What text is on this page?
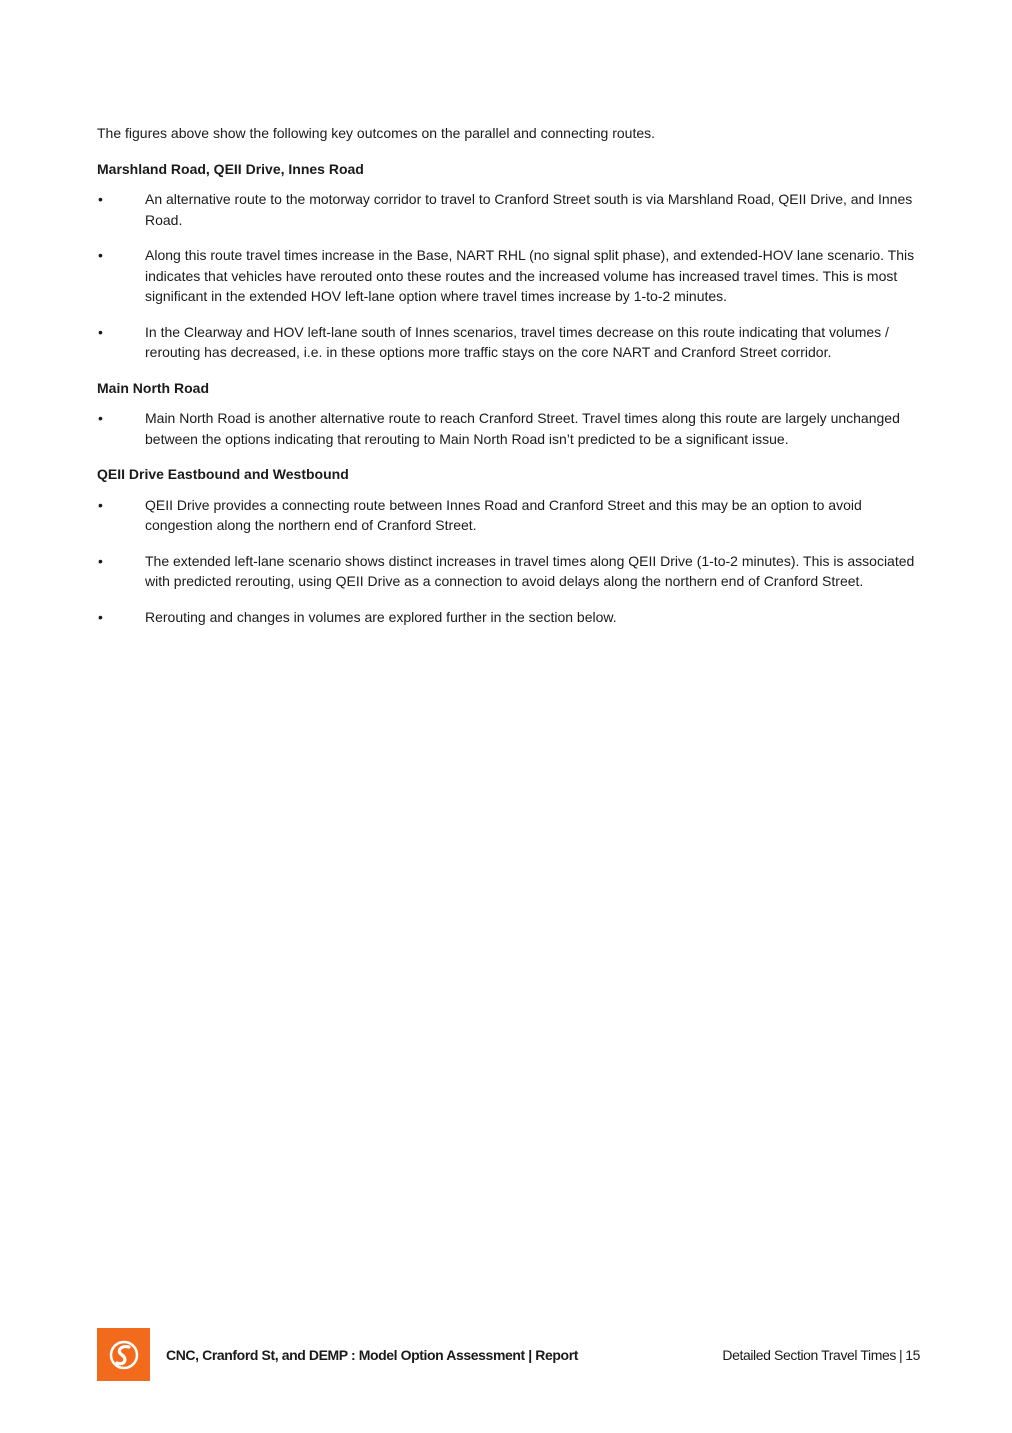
The figures above show the following key outcomes on the parallel and connecting routes.

Marshland Road, QEII Drive, Innes Road
•	An alternative route to the motorway corridor to travel to Cranford Street south is via Marshland Road, QEII Drive, and Innes Road.
•	Along this route travel times increase in the Base, NART RHL (no signal split phase), and extended-HOV lane scenario. This indicates that vehicles have rerouted onto these routes and the increased volume has increased travel times. This is most significant in the extended HOV left-lane option where travel times increase by 1-to-2 minutes.
•	In the Clearway and HOV left-lane south of Innes scenarios, travel times decrease on this route indicating that volumes / rerouting has decreased, i.e. in these options more traffic stays on the core NART and Cranford Street corridor.
Main North Road
•	Main North Road is another alternative route to reach Cranford Street. Travel times along this route are largely unchanged between the options indicating that rerouting to Main North Road isn’t predicted to be a significant issue.
QEII Drive Eastbound and Westbound
•	QEII Drive provides a connecting route between Innes Road and Cranford Street and this may be an option to avoid congestion along the northern end of Cranford Street.
•	The extended left-lane scenario shows distinct increases in travel times along QEII Drive (1-to-2 minutes). This is associated with predicted rerouting, using QEII Drive as a connection to avoid delays along the northern end of Cranford Street.
•	Rerouting and changes in volumes are explored further in the section below.
CNC, Cranford St, and DEMP : Model Option Assessment | Report	Detailed Section Travel Times | 15
